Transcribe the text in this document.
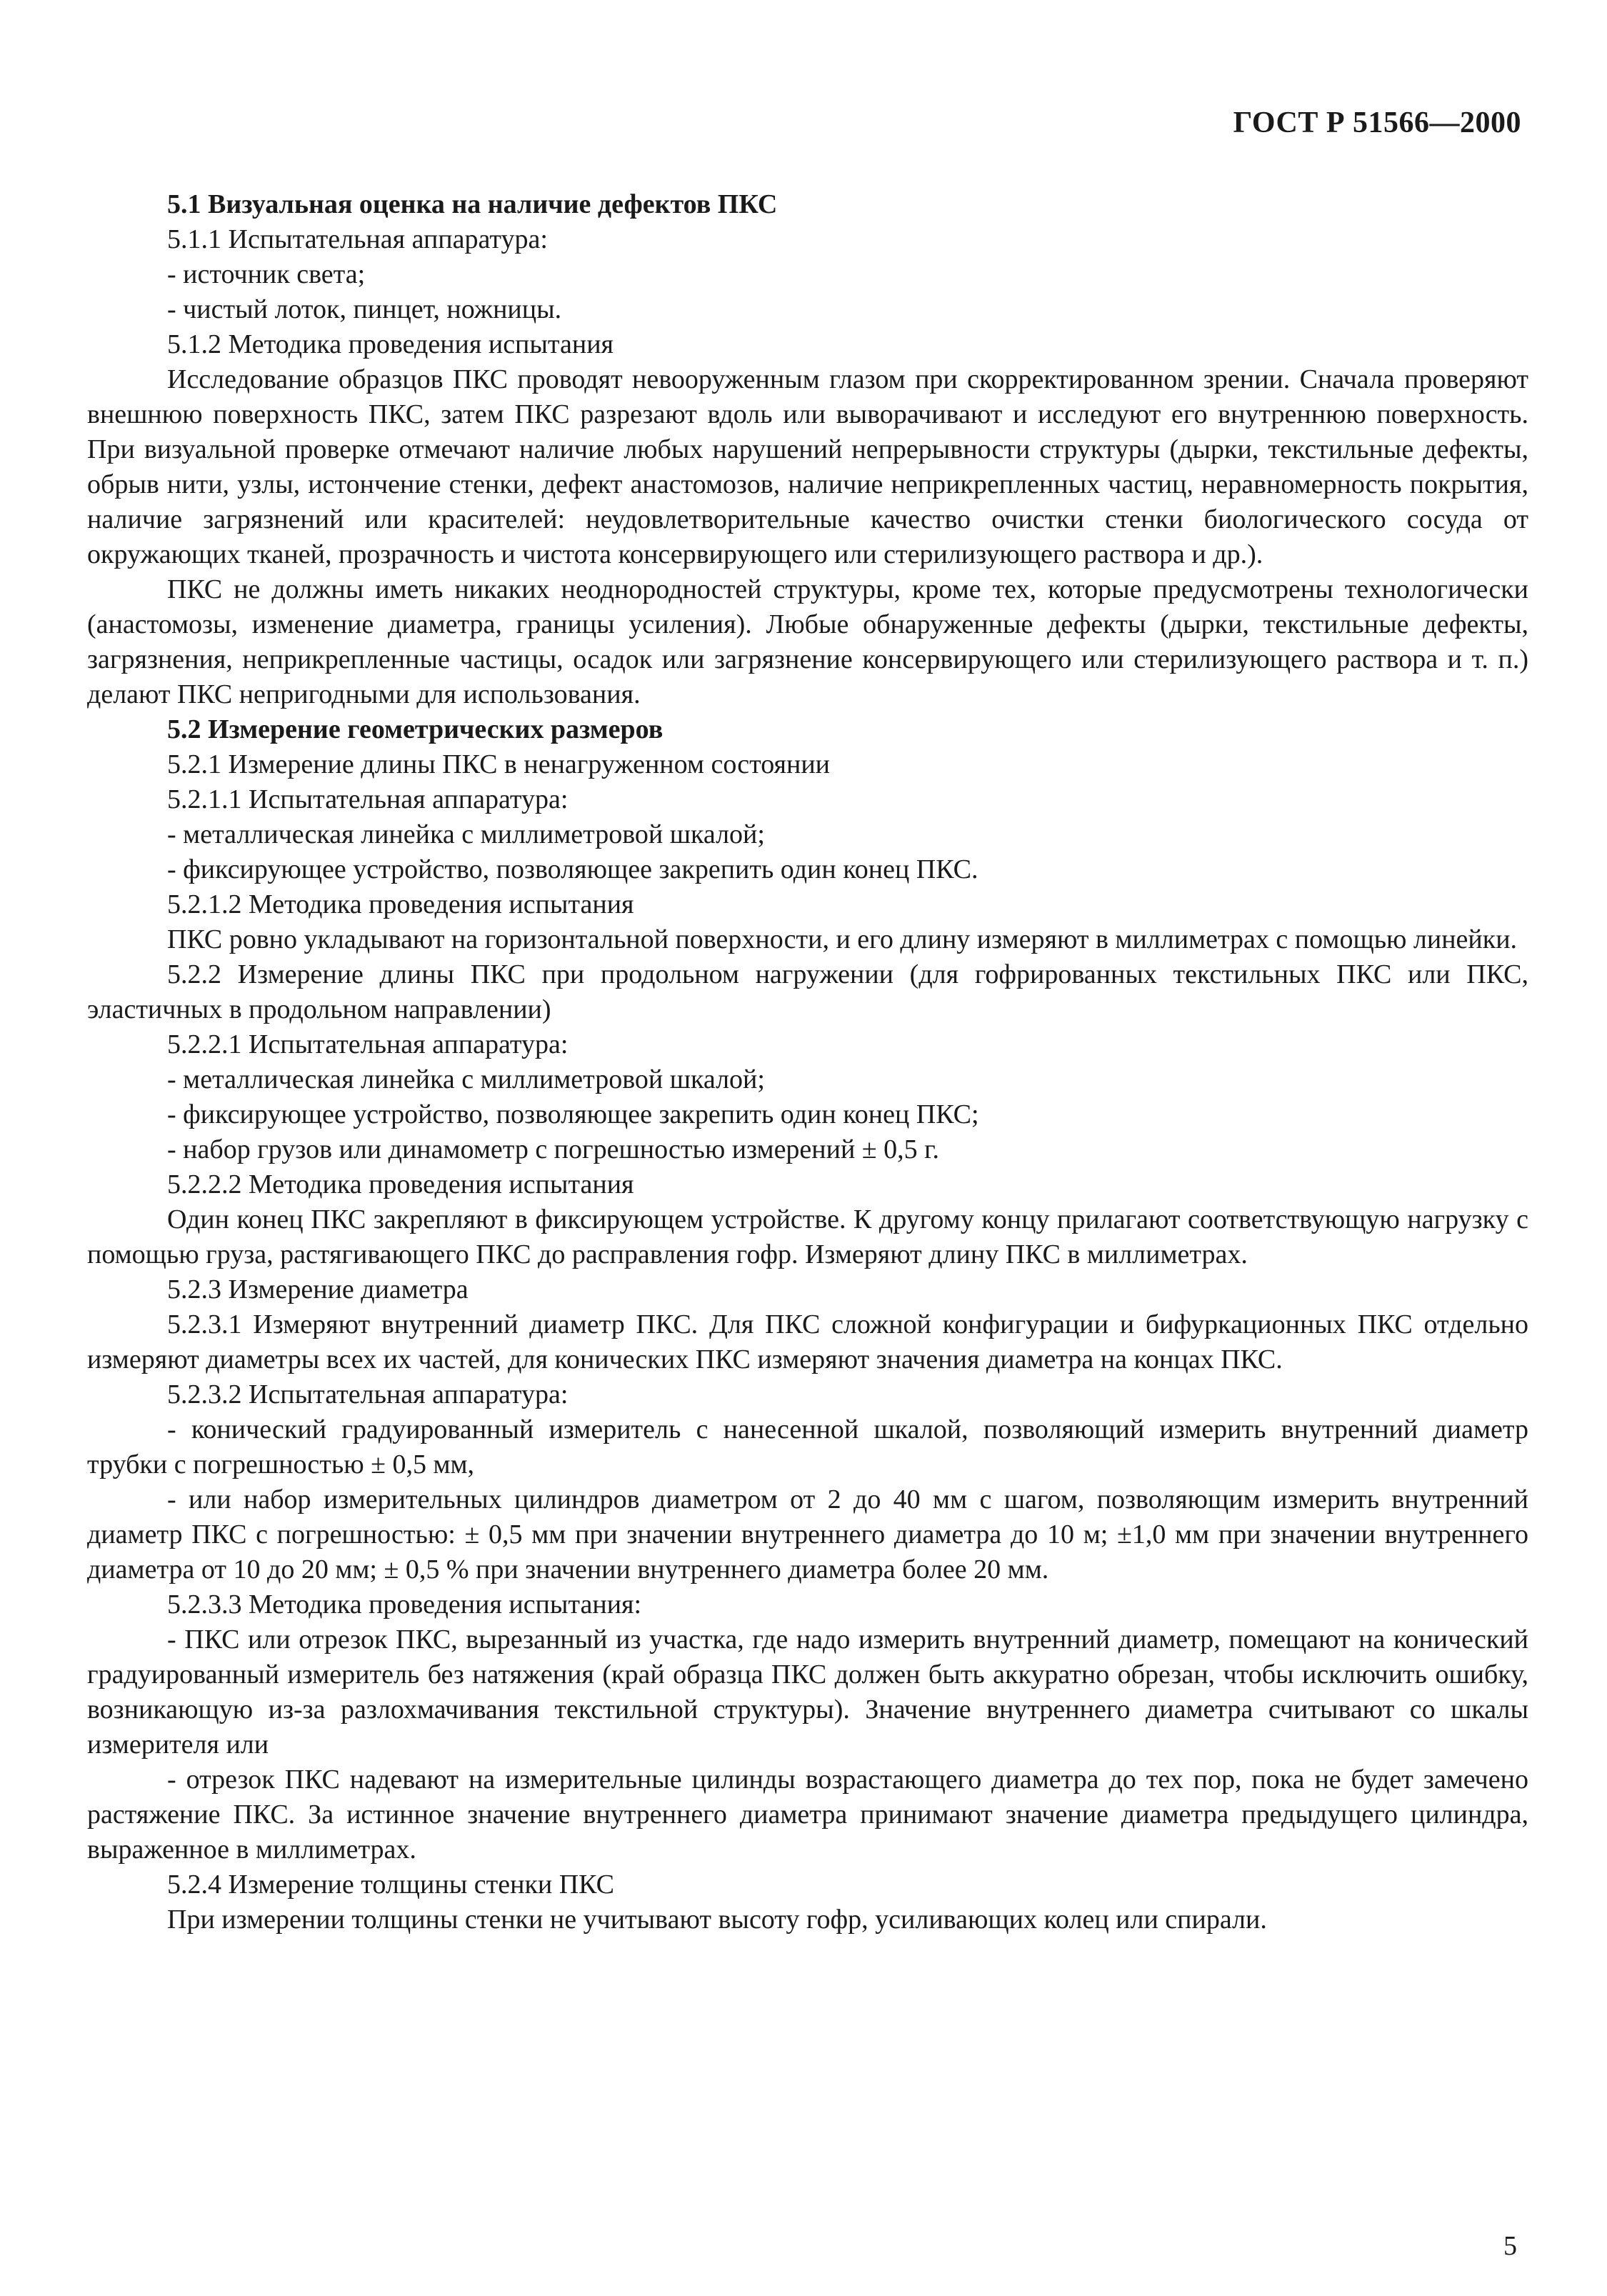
ГОСТ Р 51566—2000

5.1 Визуальная оценка на наличие дефектов ПКС

5.1.1 Испытательная аппаратура:

- источник света;

- чистый лоток, пинцет, ножницы.

5.1.2 Методика проведения испытания

Исследование образцов ПКС проводят невооруженным глазом при скорректированном зрении. Сначала проверяют внешнюю поверхность ПКС, затем ПКС разрезают вдоль или выворачивают и исследуют его внутреннюю поверхность. При визуальной проверке отмечают наличие любых нарушений непрерывности структуры (дырки, текстильные дефекты, обрыв нити, узлы, истончение стенки, дефект анастомозов, наличие неприкрепленных частиц, неравномерность покрытия, наличие загрязнений или красителей: неудовлетворительные качество очистки стенки биологического сосуда от окружающих тканей, прозрачность и чистота консервирующего или стерилизующего раствора и др.).

ПКС не должны иметь никаких неоднородностей структуры, кроме тех, которые предусмотрены технологически (анастомозы, изменение диаметра, границы усиления). Любые обнаруженные дефекты (дырки, текстильные дефекты, загрязнения, неприкрепленные частицы, осадок или загрязнение консервирующего или стерилизующего раствора и т. п.) делают ПКС непригодными для использования.

5.2 Измерение геометрических размеров

5.2.1 Измерение длины ПКС в ненагруженном состоянии

5.2.1.1 Испытательная аппаратура:

- металлическая линейка с миллиметровой шкалой;

- фиксирующее устройство, позволяющее закрепить один конец ПКС.

5.2.1.2 Методика проведения испытания

ПКС ровно укладывают на горизонтальной поверхности, и его длину измеряют в миллиметрах с помощью линейки.

5.2.2 Измерение длины ПКС при продольном нагружении (для гофрированных текстильных ПКС или ПКС, эластичных в продольном направлении)

5.2.2.1 Испытательная аппаратура:

- металлическая линейка с миллиметровой шкалой;

- фиксирующее устройство, позволяющее закрепить один конец ПКС;

- набор грузов или динамометр с погрешностью измерений ± 0,5 г.

5.2.2.2 Методика проведения испытания

Один конец ПКС закрепляют в фиксирующем устройстве. К другому концу прилагают соответствующую нагрузку с помощью груза, растягивающего ПКС до расправления гофр. Измеряют длину ПКС в миллиметрах.

5.2.3 Измерение диаметра

5.2.3.1 Измеряют внутренний диаметр ПКС. Для ПКС сложной конфигурации и бифуркационных ПКС отдельно измеряют диаметры всех их частей, для конических ПКС измеряют значения диаметра на концах ПКС.

5.2.3.2 Испытательная аппаратура:

- конический градуированный измеритель с нанесенной шкалой, позволяющий измерить внутренний диаметр трубки с погрешностью ± 0,5 мм,

- или набор измерительных цилиндров диаметром от 2 до 40 мм с шагом, позволяющим измерить внутренний диаметр ПКС с погрешностью: ± 0,5 мм при значении внутреннего диаметра до 10 м; ±1,0 мм при значении внутреннего диаметра от 10 до 20 мм; ± 0,5 % при значении внутреннего диаметра более 20 мм.

5.2.3.3 Методика проведения испытания:

- ПКС или отрезок ПКС, вырезанный из участка, где надо измерить внутренний диаметр, помещают на конический градуированный измеритель без натяжения (край образца ПКС должен быть аккуратно обрезан, чтобы исключить ошибку, возникающую из-за разлохмачивания текстильной структуры). Значение внутреннего диаметра считывают со шкалы измерителя или

- отрезок ПКС надевают на измерительные цилинды возрастающего диаметра до тех пор, пока не будет замечено растяжение ПКС. За истинное значение внутреннего диаметра принимают значение диаметра предыдущего цилиндра, выраженное в миллиметрах.

5.2.4 Измерение толщины стенки ПКС

При измерении толщины стенки не учитывают высоту гофр, усиливающих колец или спирали.

5
